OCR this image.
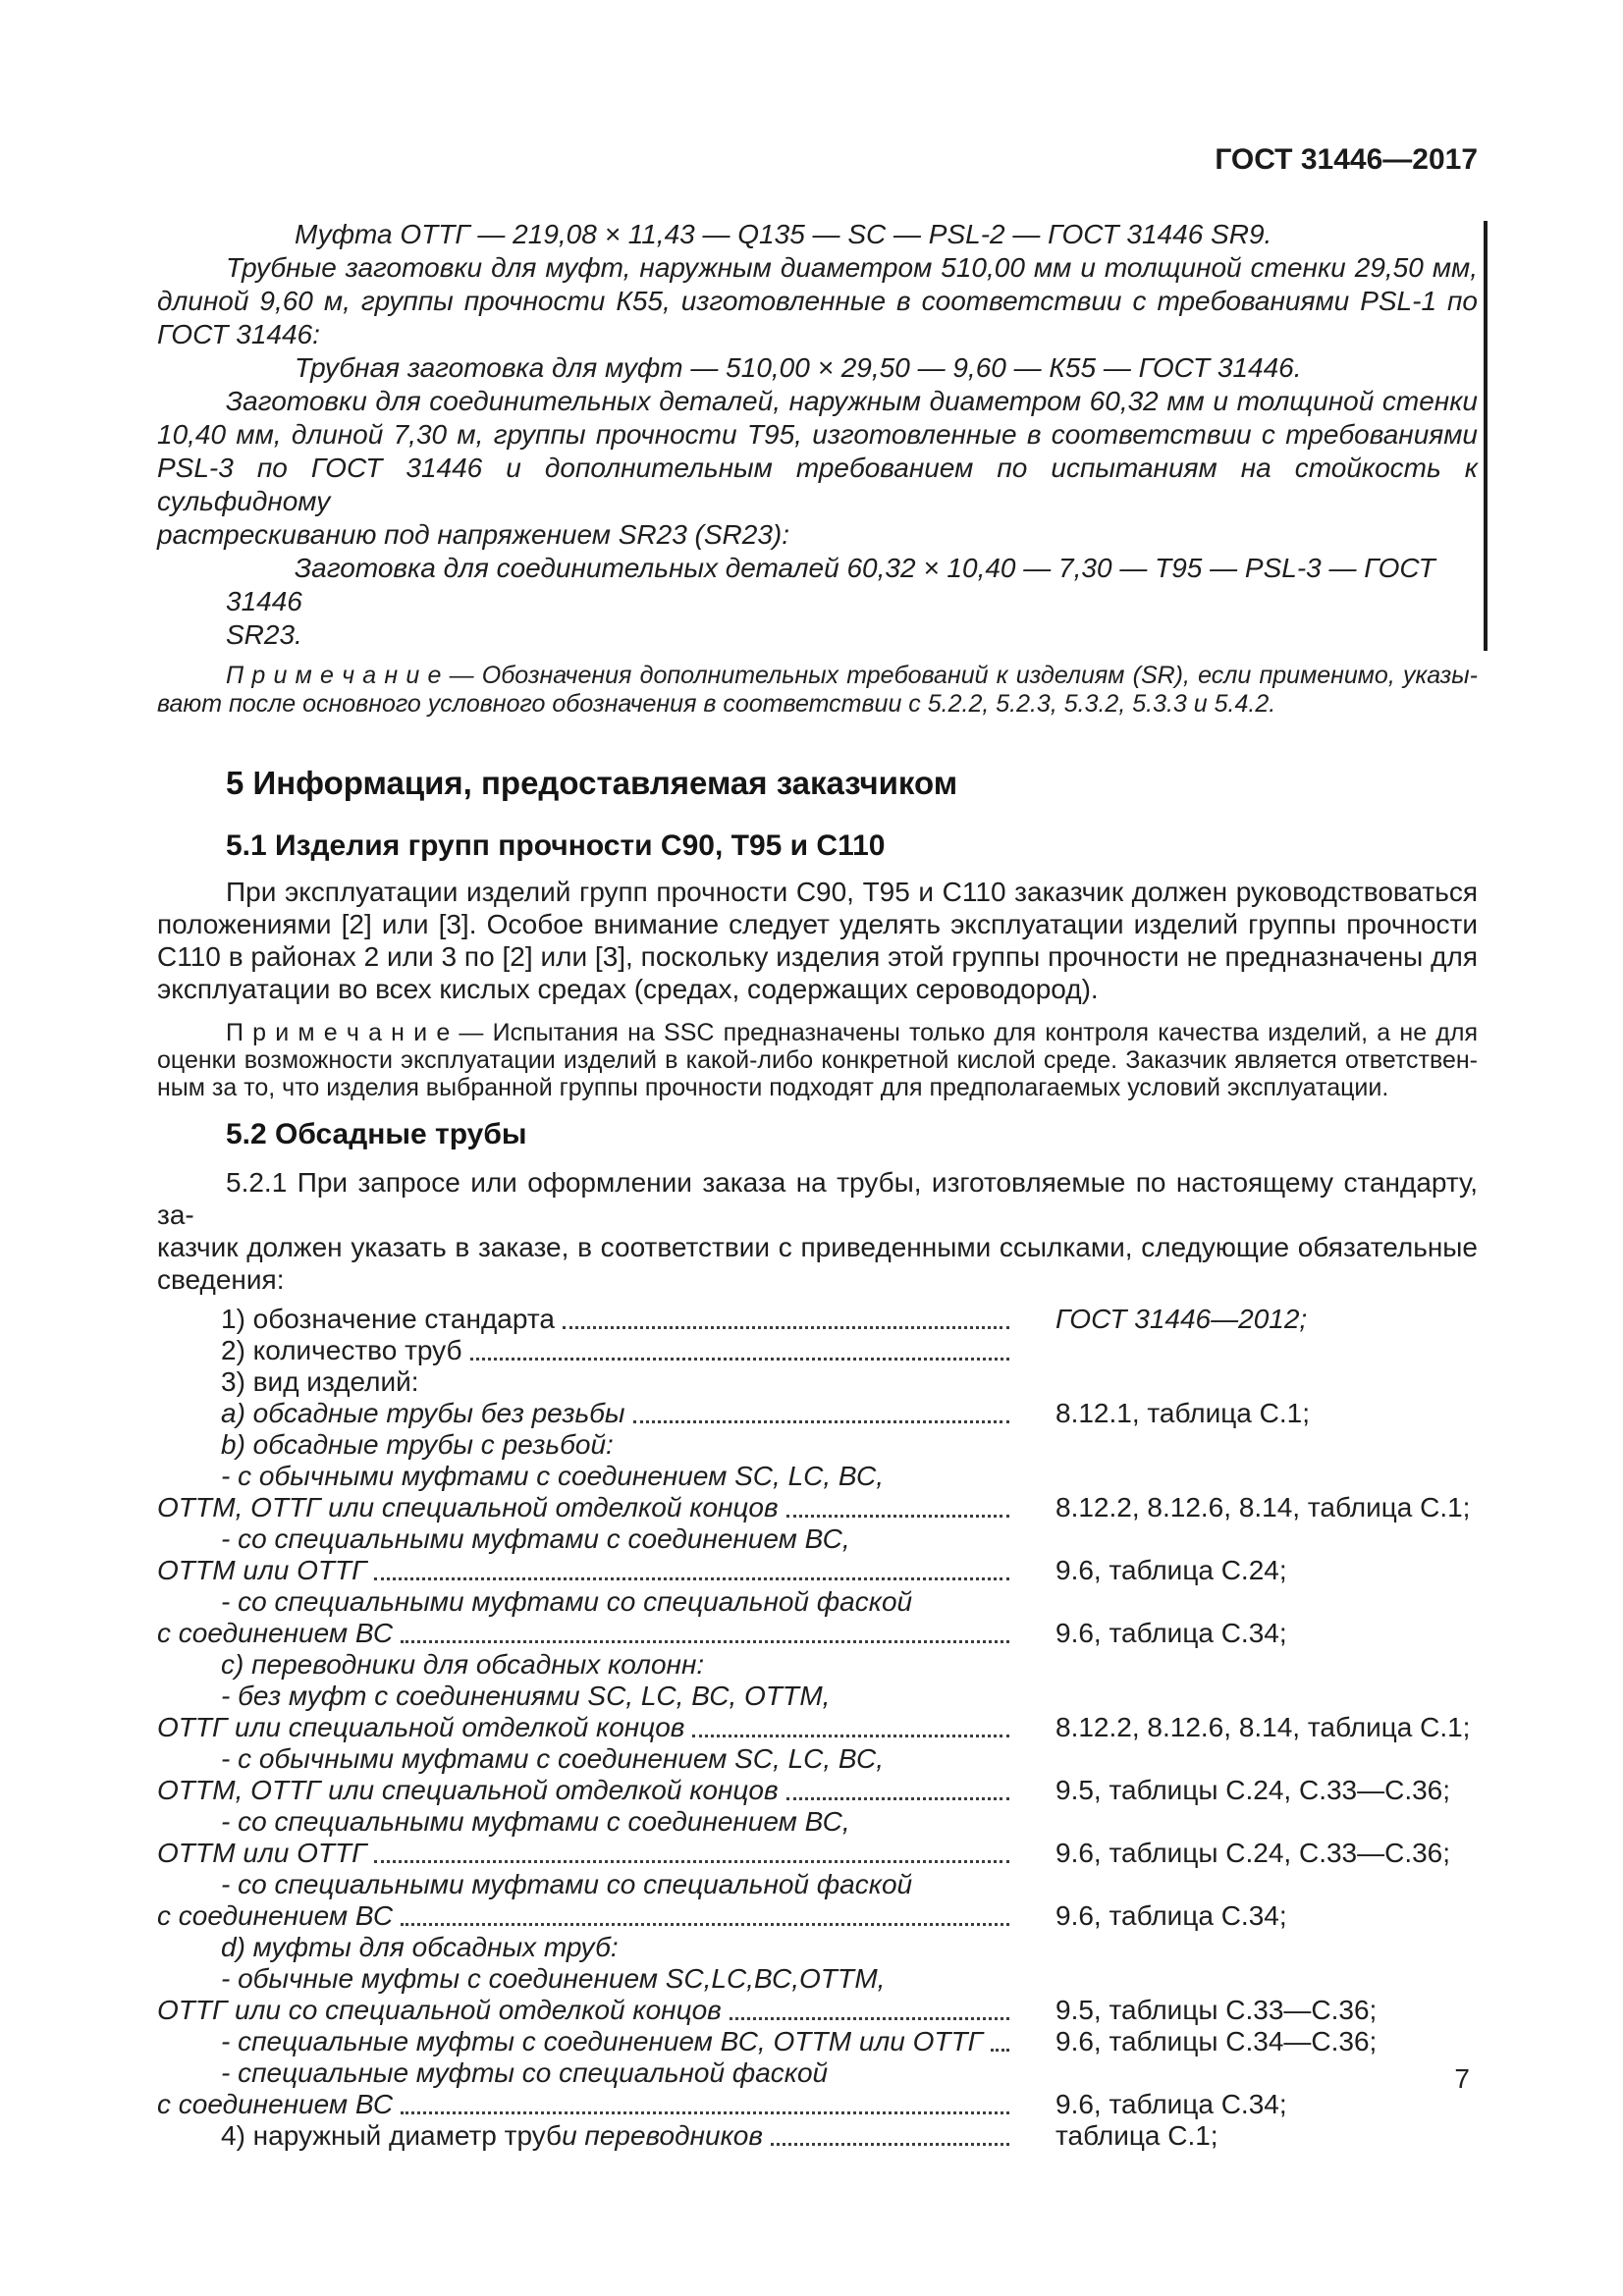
ГОСТ 31446—2017
Муфта ОТТГ — 219,08 × 11,43 — Q135 — SC — PSL-2 — ГОСТ 31446 SR9.
Трубные заготовки для муфт, наружным диаметром 510,00 мм и толщиной стенки 29,50 мм,
длиной 9,60 м, группы прочности К55, изготовленные в соответствии с требованиями PSL-1 по
ГОСТ 31446:
Трубная заготовка для муфт — 510,00 × 29,50 — 9,60 — К55 — ГОСТ 31446.
Заготовки для соединительных деталей, наружным диаметром 60,32 мм и толщиной стенки
10,40 мм, длиной 7,30 м, группы прочности Т95, изготовленные в соответствии с требованиями
PSL-3 по ГОСТ 31446 и дополнительным требованием по испытаниям на стойкость к сульфидному
растрескиванию под напряжением SR23 (SR23):
Заготовка для соединительных деталей 60,32 × 10,40 — 7,30 — Т95 — PSL-3 — ГОСТ 31446
SR23.
П р и м е ч а н и е — Обозначения дополнительных требований к изделиям (SR), если применимо, указы-
вают после основного условного обозначения в соответствии с 5.2.2, 5.2.3, 5.3.2, 5.3.3 и 5.4.2.
5 Информация, предоставляемая заказчиком
5.1 Изделия групп прочности С90, Т95 и С110
При эксплуатации изделий групп прочности С90, Т95 и С110 заказчик должен руководствоваться
положениями [2] или [3]. Особое внимание следует уделять эксплуатации изделий группы прочности
С110 в районах 2 или 3 по [2] или [3], поскольку изделия этой группы прочности не предназначены для
эксплуатации во всех кислых средах (средах, содержащих сероводород).
П р и м е ч а н и е — Испытания на SSC предназначены только для контроля качества изделий, а не для
оценки возможности эксплуатации изделий в какой-либо конкретной кислой среде. Заказчик является ответствен-
ным за то, что изделия выбранной группы прочности подходят для предполагаемых условий эксплуатации.
5.2 Обсадные трубы
5.2.1 При запросе или оформлении заказа на трубы, изготовляемые по настоящему стандарту, за-
казчик должен указать в заказе, в соответствии с приведенными ссылками, следующие обязательные
сведения:
1) обозначение стандарта	ГОСТ 31446—2012;
2) количество труб
3) вид изделий:
a) обсадные трубы без резьбы	8.12.1, таблица С.1;
b) обсадные трубы с резьбой:
- с обычными муфтами с соединением SC, LC, ВС,
ОТТМ, ОТТГ или специальной отделкой концов	8.12.2, 8.12.6, 8.14, таблица С.1;
- со специальными муфтами с соединением ВС,
ОТТМ или ОТТГ	9.6, таблица С.24;
- со специальными муфтами со специальной фаской
с соединением ВС	9.6, таблица С.34;
c) переводники для обсадных колонн:
- без муфт с соединениями SC, LC, ВС, ОТТМ,
ОТТГ или специальной отделкой концов	8.12.2, 8.12.6, 8.14, таблица С.1;
- с обычными муфтами с соединением SC, LC, ВС,
ОТТМ, ОТТГ или специальной отделкой концов	9.5, таблицы С.24, С.33—С.36;
- со специальными муфтами с соединением ВС,
ОТТМ или ОТТГ	9.6, таблицы С.24, С.33—С.36;
- со специальными муфтами со специальной фаской
с соединением ВС	9.6, таблица С.34;
d) муфты для обсадных труб:
- обычные муфты с соединением SC,LC,ВС,ОТТМ,
ОТТГ или со специальной отделкой концов	9.5, таблицы С.33—С.36;
- специальные муфты с соединением ВС, ОТТМ или ОТТГ	9.6, таблицы С.34—С.36;
- специальные муфты со специальной фаской
с соединением ВС	9.6, таблица С.34;
4) наружный диаметр труб и переводников	таблица С.1;
7
